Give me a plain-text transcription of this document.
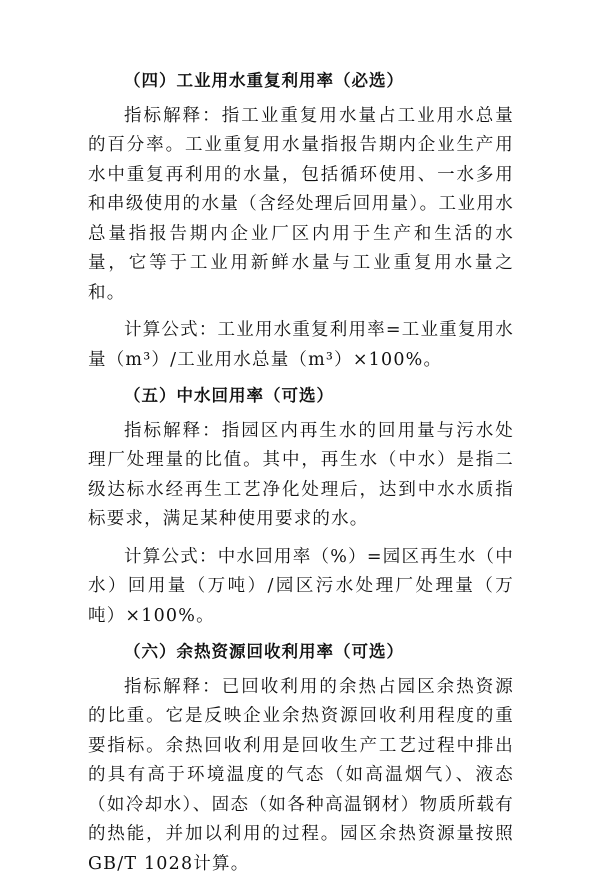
（四）工业用水重复利用率（必选）

指标解释：指工业重复用水量占工业用水总量的百分率。工业重复用水量指报告期内企业生产用水中重复再利用的水量，包括循环使用、一水多用和串级使用的水量（含经处理后回用量）。工业用水总量指报告期内企业厂区内用于生产和生活的水量，它等于工业用新鲜水量与工业重复用水量之和。

计算公式：工业用水重复利用率=工业重复用水量（m³）/工业用水总量（m³）×100%。

（五）中水回用率（可选）

指标解释：指园区内再生水的回用量与污水处理厂处理量的比值。其中，再生水（中水）是指二级达标水经再生工艺净化处理后，达到中水水质指标要求，满足某种使用要求的水。

计算公式：中水回用率（%）=园区再生水（中水）回用量（万吨）/园区污水处理厂处理量（万吨）×100%。

（六）余热资源回收利用率（可选）

指标解释：已回收利用的余热占园区余热资源的比重。它是反映企业余热资源回收利用程度的重要指标。余热回收利用是回收生产工艺过程中排出的具有高于环境温度的气态（如高温烟气）、液态（如冷却水）、固态（如各种高温钢材）物质所载有的热能，并加以利用的过程。园区余热资源量按照GB/T 1028计算。
